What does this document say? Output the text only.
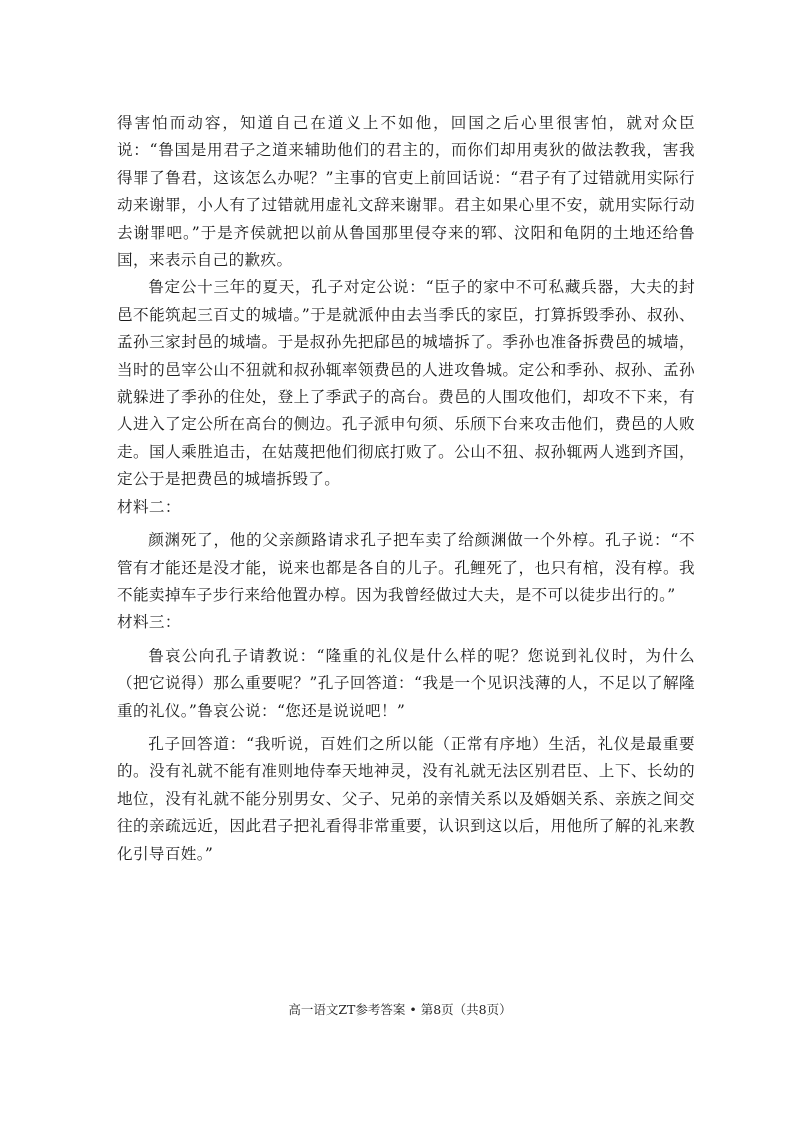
得害怕而动容，知道自己在道义上不如他，回国之后心里很害怕，就对众臣说：“鲁国是用君子之道来辅助他们的君主的，而你们却用夷狄的做法教我，害我得罪了鲁君，这该怎么办呢？”主事的官吏上前回话说：“君子有了过错就用实际行动来谢罪，小人有了过错就用虚礼文辞来谢罪。君主如果心里不安，就用实际行动去谢罪吧。”于是齐侯就把以前从鲁国那里侵夺来的郓、汶阳和龟阴的土地还给鲁国，来表示自己的歉疚。

鲁定公十三年的夏天，孔子对定公说：“臣子的家中不可私藏兵器，大夫的封邑不能筑起三百丈的城墙。”于是就派仲由去当季氏的家臣，打算拆毁季孙、叔孙、孟孙三家封邑的城墙。于是叔孙先把郈邑的城墙拆了。季孙也准备拆费邑的城墙，当时的邑宰公山不狃就和叔孙辄率领费邑的人进攻鲁城。定公和季孙、叔孙、孟孙就躲进了季孙的住处，登上了季武子的高台。费邑的人围攻他们，却攻不下来，有人进入了定公所在高台的侧边。孔子派申句须、乐颀下台来攻击他们，费邑的人败走。国人乘胜追击，在姑蔑把他们彻底打败了。公山不狃、叔孙辄两人逃到齐国，定公于是把费邑的城墙拆毁了。

材料二：

颜渊死了，他的父亲颜路请求孔子把车卖了给颜渊做一个外椁。孔子说：“不管有才能还是没才能，说来也都是各自的儿子。孔鲤死了，也只有棺，没有椁。我不能卖掉车子步行来给他置办椁。因为我曾经做过大夫，是不可以徒步出行的。”

材料三：

鲁哀公向孔子请教说：“隆重的礼仪是什么样的呢？您说到礼仪时，为什么（把它说得）那么重要呢？”孔子回答道：“我是一个见识浅薄的人，不足以了解隆重的礼仪。”鲁哀公说：“您还是说说吧！”

孔子回答道：“我听说，百姓们之所以能（正常有序地）生活，礼仪是最重要的。没有礼就不能有准则地侍奉天地神灵，没有礼就无法区别君臣、上下、长幼的地位，没有礼就不能分别男女、父子、兄弟的亲情关系以及婚姻关系、亲族之间交往的亲疏远近，因此君子把礼看得非常重要，认识到这以后，用他所了解的礼来教化引导百姓。”

高一语文ZT参考答案 • 第8页（共8页）
